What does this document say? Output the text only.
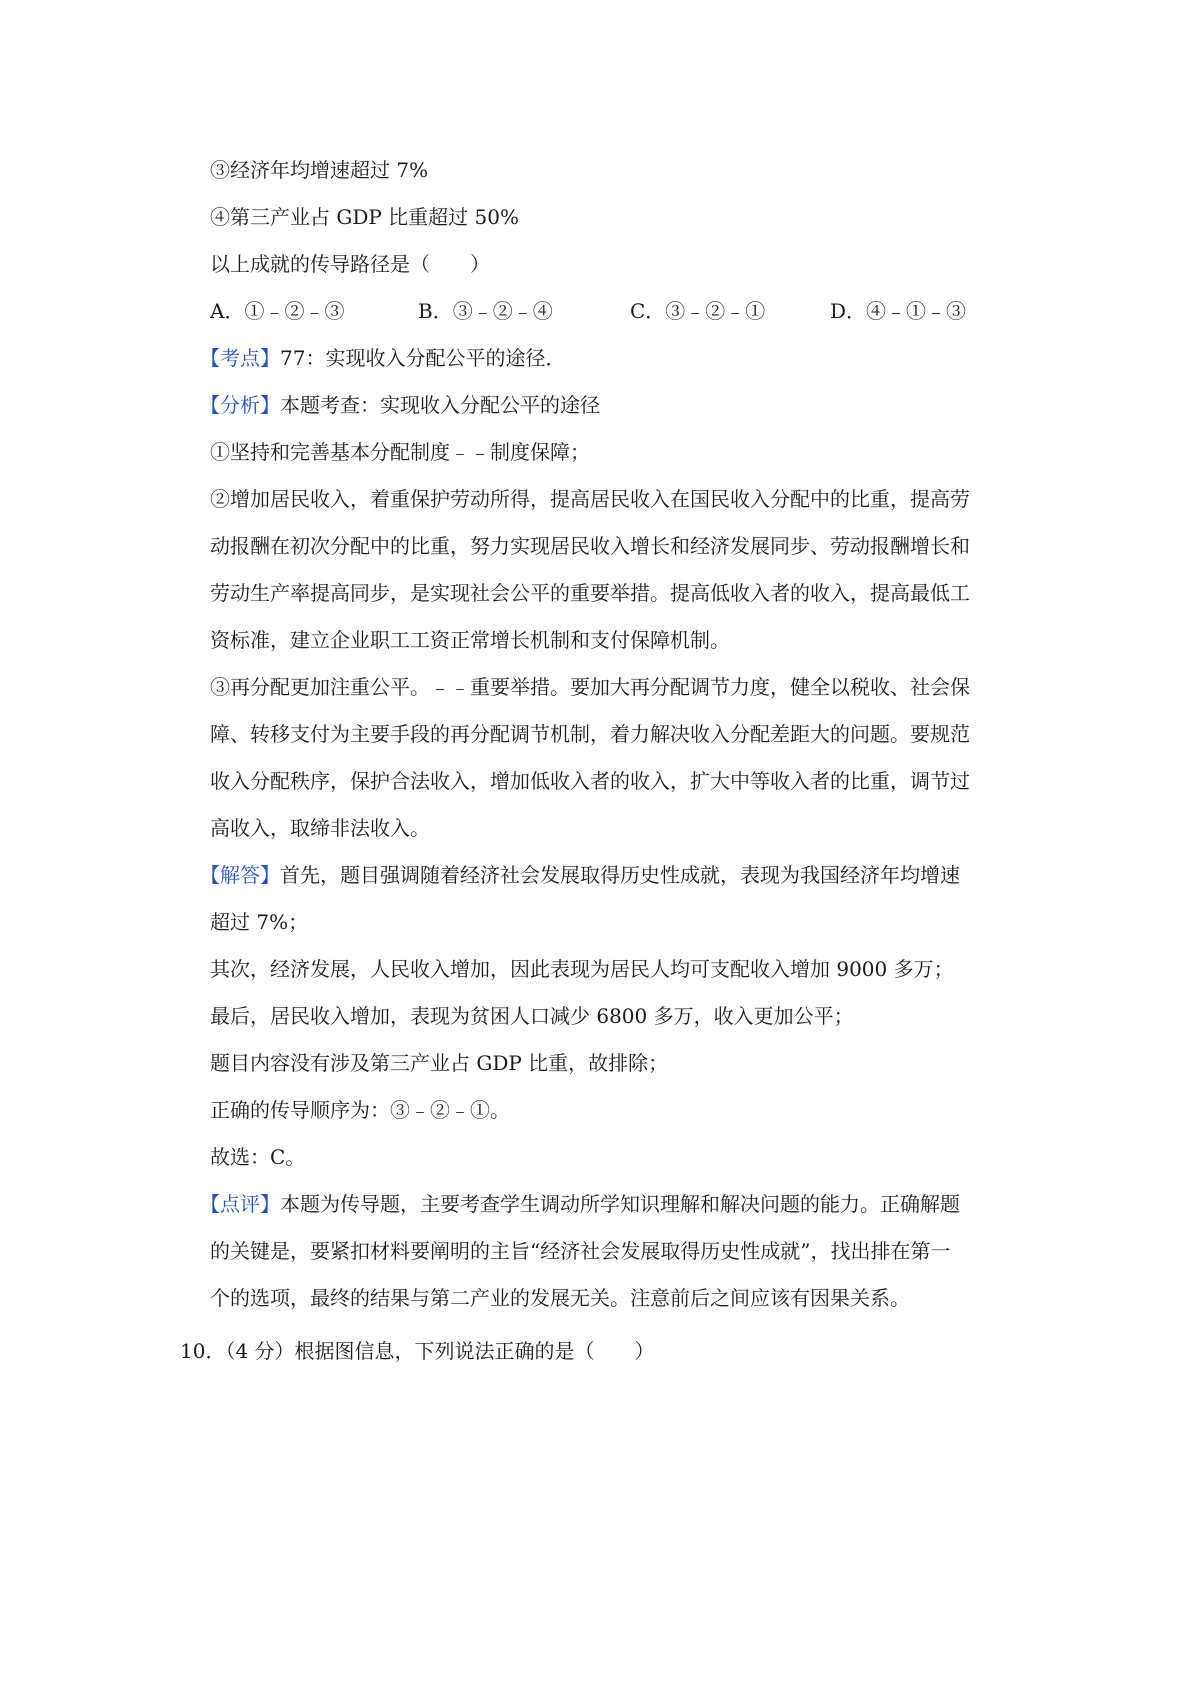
③经济年均增速超过 7%
④第三产业占 GDP 比重超过 50%
以上成就的传导路径是（　　）
A．①﹣②﹣③	B．③﹣②﹣④	C．③﹣②﹣①	D．④﹣①﹣③
【考点】77：实现收入分配公平的途径．
【分析】本题考查：实现收入分配公平的途径
①坚持和完善基本分配制度﹣﹣制度保障；
②增加居民收入，着重保护劳动所得，提高居民收入在国民收入分配中的比重，提高劳
动报酬在初次分配中的比重，努力实现居民收入增长和经济发展同步、劳动报酬增长和
劳动生产率提高同步，是实现社会公平的重要举措。提高低收入者的收入，提高最低工
资标准，建立企业职工工资正常增长机制和支付保障机制。
③再分配更加注重公平。﹣﹣重要举措。要加大再分配调节力度，健全以税收、社会保
障、转移支付为主要手段的再分配调节机制，着力解决收入分配差距大的问题。要规范
收入分配秩序，保护合法收入，增加低收入者的收入，扩大中等收入者的比重，调节过
高收入，取缔非法收入。
【解答】首先，题目强调随着经济社会发展取得历史性成就，表现为我国经济年均增速
超过 7%；
其次，经济发展，人民收入增加，因此表现为居民人均可支配收入增加 9000 多万；
最后，居民收入增加，表现为贫困人口减少 6800 多万，收入更加公平；
题目内容没有涉及第三产业占 GDP 比重，故排除；
正确的传导顺序为：③﹣②﹣①。
故选：C。
【点评】本题为传导题，主要考查学生调动所学知识理解和解决问题的能力。正确解题
的关键是，要紧扣材料要阐明的主旨“经济社会发展取得历史性成就”，找出排在第一
个的选项，最终的结果与第二产业的发展无关。注意前后之间应该有因果关系。
10．（4 分）根据图信息，下列说法正确的是（　　）
